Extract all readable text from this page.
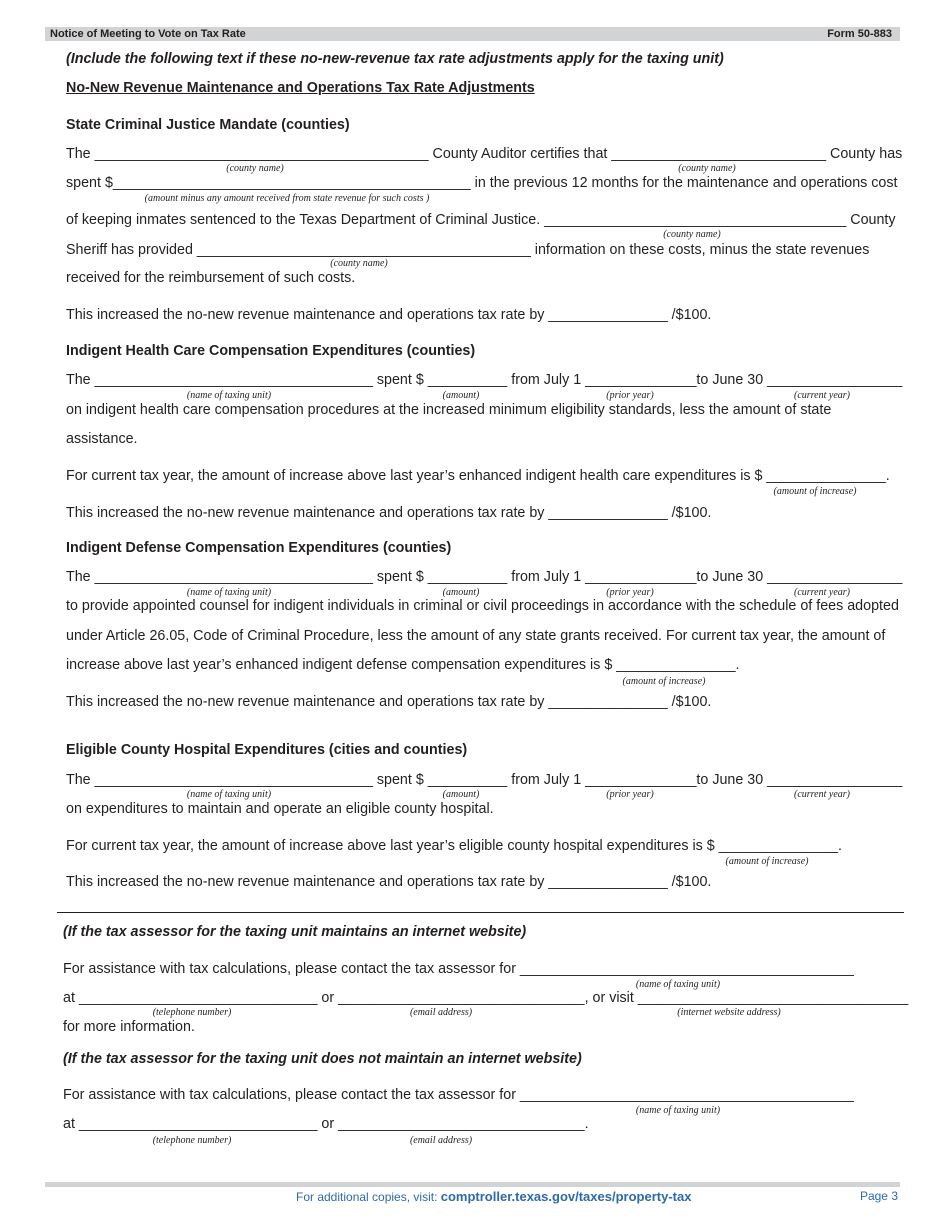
Notice of Meeting to Vote on Tax Rate	Form 50-883
(Include the following text if these no-new-revenue tax rate adjustments apply for the taxing unit)
No-New Revenue Maintenance and Operations Tax Rate Adjustments
State Criminal Justice Mandate (counties)
The __________________________________________ County Auditor certifies that ___________________________ County has
(county name)	(county name)
spent $_____________________________________________ in the previous 12 months for the maintenance and operations cost
(amount minus any amount received from state revenue for such costs )
of keeping inmates sentenced to the Texas Department of Criminal Justice. ______________________________________ County
(county name)
Sheriff has provided __________________________________________ information on these costs, minus the state revenues
(county name)
received for the reimbursement of such costs.
This increased the no-new revenue maintenance and operations tax rate by _______________ /$100.
Indigent Health Care Compensation Expenditures (counties)
The ___________________________________ spent $ __________ from July 1 ______________to June 30 _________________
(name of taxing unit)	(amount)	(prior year)	(current year)
on indigent health care compensation procedures at the increased minimum eligibility standards, less the amount of state
assistance.
For current tax year, the amount of increase above last year’s enhanced indigent health care expenditures is $ _______________.
(amount of increase)
This increased the no-new revenue maintenance and operations tax rate by _______________ /$100.
Indigent Defense Compensation Expenditures (counties)
The ___________________________________ spent $ __________ from July 1 ______________to June 30 _________________
(name of taxing unit)	(amount)	(prior year)	(current year)
to provide appointed counsel for indigent individuals in criminal or civil proceedings in accordance with the schedule of fees adopted
under Article 26.05, Code of Criminal Procedure, less the amount of any state grants received. For current tax year, the amount of
increase above last year’s enhanced indigent defense compensation expenditures is $ _______________.
(amount of increase)
This increased the no-new revenue maintenance and operations tax rate by _______________ /$100.
Eligible County Hospital Expenditures (cities and counties)
The ___________________________________ spent $ __________ from July 1 ______________to June 30 _________________
(name of taxing unit)	(amount)	(prior year)	(current year)
on expenditures to maintain and operate an eligible county hospital.
For current tax year, the amount of increase above last year’s eligible county hospital expenditures is $ _______________.
(amount of increase)
This increased the no-new revenue maintenance and operations tax rate by _______________ /$100.
(If the tax assessor for the taxing unit maintains an internet website)
For assistance with tax calculations, please contact the tax assessor for __________________________________________
(name of taxing unit)
at ______________________________ or _______________________________, or visit __________________________________
(telephone number)	(email address)	(internet website address)
for more information.
(If the tax assessor for the taxing unit does not maintain an internet website)
For assistance with tax calculations, please contact the tax assessor for __________________________________________
(name of taxing unit)
at ______________________________ or _______________________________.
(telephone number)	(email address)
For additional copies, visit: comptroller.texas.gov/taxes/property-tax	Page 3
